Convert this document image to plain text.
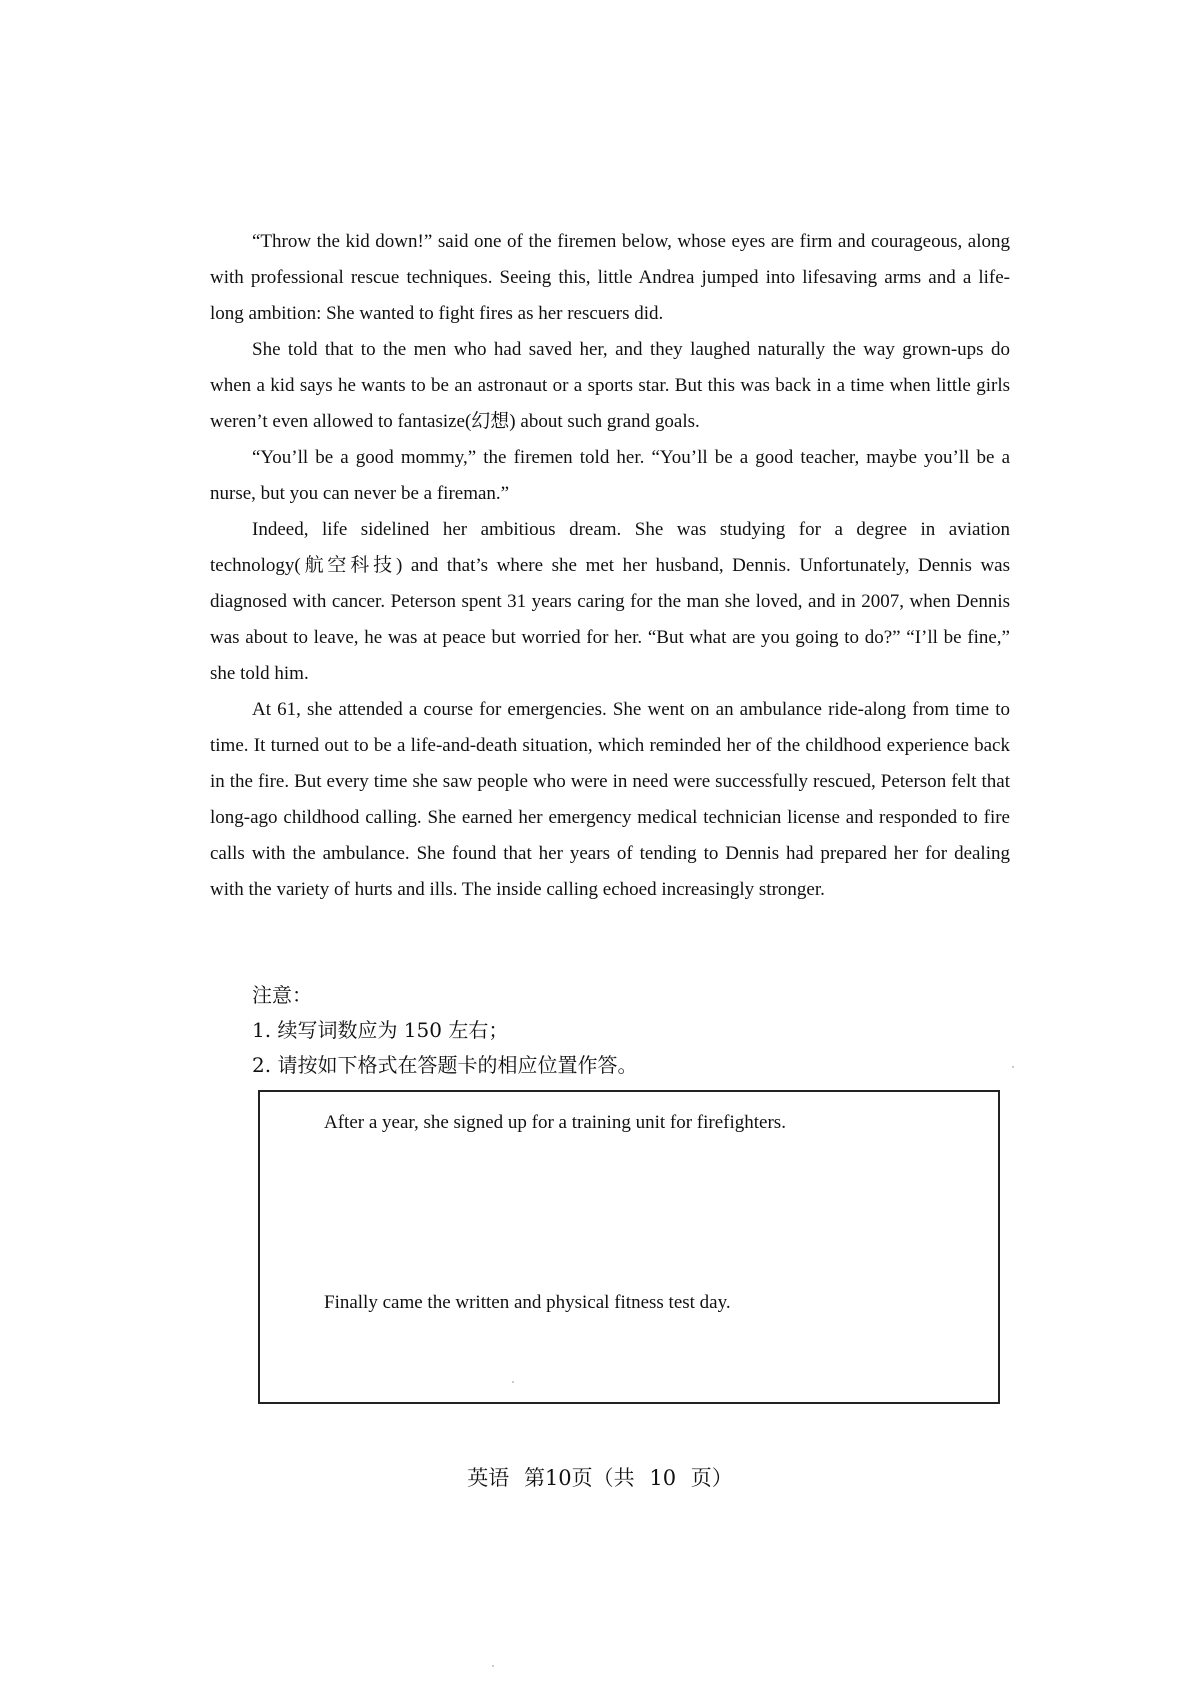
“Throw the kid down!” said one of the firemen below, whose eyes are firm and courageous, along with professional rescue techniques. Seeing this, little Andrea jumped into lifesaving arms and a life-long ambition: She wanted to fight fires as her rescuers did.

She told that to the men who had saved her, and they laughed naturally the way grown-ups do when a kid says he wants to be an astronaut or a sports star. But this was back in a time when little girls weren’t even allowed to fantasize(幻想) about such grand goals.

“You’ll be a good mommy,” the firemen told her. “You’ll be a good teacher, maybe you’ll be a nurse, but you can never be a fireman.”

Indeed, life sidelined her ambitious dream. She was studying for a degree in aviation technology(航空科技) and that’s where she met her husband, Dennis. Unfortunately, Dennis was diagnosed with cancer. Peterson spent 31 years caring for the man she loved, and in 2007, when Dennis was about to leave, he was at peace but worried for her. “But what are you going to do?” “I’ll be fine,” she told him.

At 61, she attended a course for emergencies. She went on an ambulance ride-along from time to time. It turned out to be a life-and-death situation, which reminded her of the childhood experience back in the fire. But every time she saw people who were in need were successfully rescued, Peterson felt that long-ago childhood calling. She earned her emergency medical technician license and responded to fire calls with the ambulance. She found that her years of tending to Dennis had prepared her for dealing with the variety of hurts and ills. The inside calling echoed increasingly stronger.

注意：
1. 续写词数应为 150 左右；
2. 请按如下格式在答题卡的相应位置作答。
After a year, she signed up for a training unit for firefighters.
Finally came the written and physical fitness test day.
英语 第10页（共 10 页）
